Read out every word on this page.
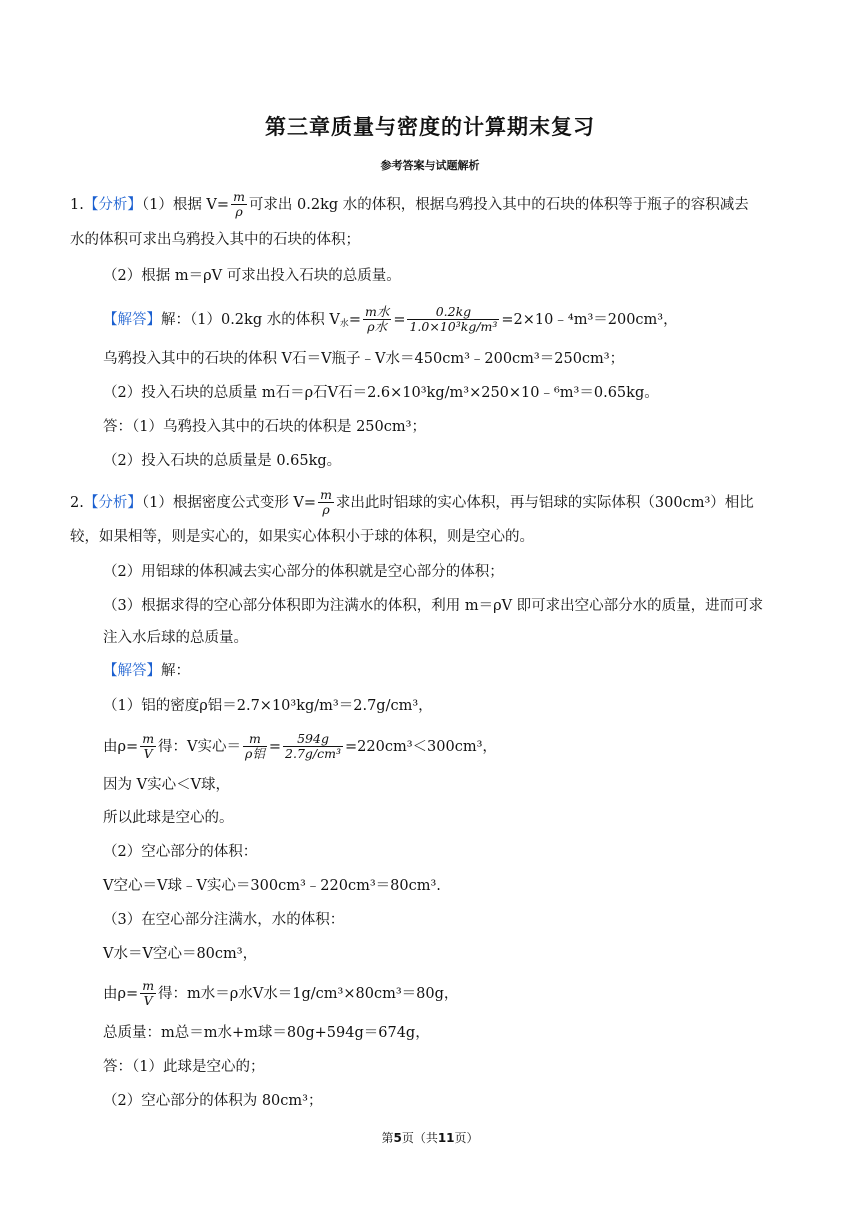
第三章质量与密度的计算期末复习
参考答案与试题解析
1.【分析】（1）根据 $V= \frac{m}{\rho}$ 可求出 0.2kg 水的体积，根据乌鸦投入其中的石块的体积等于瓶子的容积减去
水的体积可求出乌鸦投入其中的石块的体积；
（2）根据 m＝ρV 可求出投入石块的总质量。
【解答】解：（1）0.2kg 水的体积 $V_水= \frac{\text{m水}}{\text{ρ水}} = \frac{0.2kg}{\text{1.0×10³kg/m³}}$ =2×10﹣⁴m³＝200cm³，
乌鸦投入其中的石块的体积 V石＝V瓶子﹣V水＝450cm³﹣200cm³＝250cm³；
（2）投入石块的总质量 m石＝ρ石V石＝2.6×10³kg/m³×250×10﹣⁶m³＝0.65kg。
答：（1）乌鸦投入其中的石块的体积是 250cm³；
（2）投入石块的总质量是 0.65kg。
2.【分析】（1）根据密度公式变形 $V= \frac{m}{\rho}$ 求出此时铝球的实心体积，再与铝球的实际体积（300cm³）相比
较，如果相等，则是实心的，如果实心体积小于球的体积，则是空心的。
（2）用铝球的体积减去实心部分的体积就是空心部分的体积；
（3）根据求得的空心部分体积即为注满水的体积，利用 m＝ρV 即可求出空心部分水的质量，进而可求
注入水后球的总质量。
【解答】解：
（1）铝的密度ρ铝＝2.7×10³kg/m³＝2.7g/cm³，
由$\rho= \frac{m}{V}$ 得：V实心＝ $\frac{m}{\text{ρ铝}} = \frac{594g}{\text{2.7g/cm³}} =220cm^3<300cm^3$，
因为 V实心＜V球，
所以此球是空心的。
（2）空心部分的体积：
V空心＝V球﹣V实心＝300cm³﹣220cm³＝80cm³.
（3）在空心部分注满水，水的体积：
V水＝V空心＝80cm³，
由$\rho= \frac{m}{V}$ 得：m水＝ρ水V水＝1g/cm³×80cm³＝80g，
总质量：m总＝m水+m球＝80g+594g＝674g，
答：（1）此球是空心的；
（2）空心部分的体积为 80cm³；
第5页（共11页）
